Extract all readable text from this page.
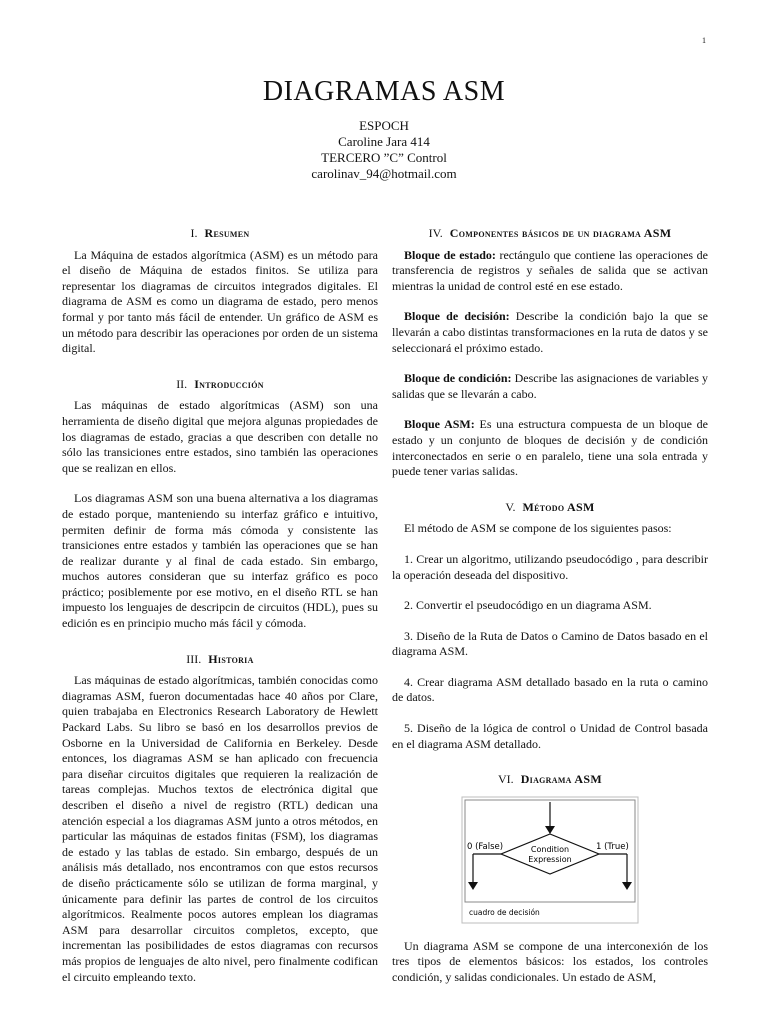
1
DIAGRAMAS ASM
ESPOCH
Caroline Jara 414
TERCERO ”C” Control
carolinav_94@hotmail.com
I. Resumen

La Máquina de estados algorítmica (ASM) es un método para el diseño de Máquina de estados finitos. Se utiliza para representar los diagramas de circuitos integrados digitales. El diagrama de ASM es como un diagrama de estado, pero menos formal y por tanto más fácil de entender. Un gráfico de ASM es un método para describir las operaciones por orden de un sistema digital.

II. Introducción

Las máquinas de estado algorítmicas (ASM) son una herramienta de diseño digital que mejora algunas propiedades de los diagramas de estado, gracias a que describen con detalle no sólo las transiciones entre estados, sino también las operaciones que se realizan en ellos.

Los diagramas ASM son una buena alternativa a los diagramas de estado porque, manteniendo su interfaz gráfico e intuitivo, permiten definir de forma más cómoda y consistente las transiciones entre estados y también las operaciones que se han de realizar durante y al final de cada estado. Sin embargo, muchos autores consideran que su interfaz gráfico es poco práctico; posiblemente por ese motivo, en el diseño RTL se han impuesto los lenguajes de descripcin de circuitos (HDL), pues su edición es en principio mucho más fácil y cómoda.

III. Historia

Las máquinas de estado algorítmicas, también conocidas como diagramas ASM, fueron documentadas hace 40 años por Clare, quien trabajaba en Electronics Research Laboratory de Hewlett Packard Labs. Su libro se basó en los desarrollos previos de Osborne en la Universidad de California en Berkeley. Desde entonces, los diagramas ASM se han aplicado con frecuencia para diseñar circuitos digitales que requieren la realización de tareas complejas. Muchos textos de electrónica digital que describen el diseño a nivel de registro (RTL) dedican una atención especial a los diagramas ASM junto a otros métodos, en particular las máquinas de estados finitas (FSM), los diagramas de estado y las tablas de estado. Sin embargo, después de un análisis más detallado, nos encontramos con que estos recursos de diseño prácticamente sólo se utilizan de forma marginal, y únicamente para definir las partes de control de los circuitos algorítmicos. Realmente pocos autores emplean los diagramas ASM para desarrollar circuitos completos, excepto, que incrementan las posibilidades de estos diagramas con recursos más propios de lenguajes de alto nivel, pero finalmente codifican el circuito empleando texto.

IV. Componentes básicos de un diagrama ASM

Bloque de estado: rectángulo que contiene las operaciones de transferencia de registros y señales de salida que se activan mientras la unidad de control esté en ese estado.

Bloque de decisión: Describe la condición bajo la que se llevarán a cabo distintas transformaciones en la ruta de datos y se seleccionará el próximo estado.

Bloque de condición: Describe las asignaciones de variables y salidas que se llevarán a cabo.

Bloque ASM: Es una estructura compuesta de un bloque de estado y un conjunto de bloques de decisión y de condición interconectados en serie o en paralelo, tiene una sola entrada y puede tener varias salidas.

V. Método ASM

El método de ASM se compone de los siguientes pasos:

1. Crear un algoritmo, utilizando pseudocódigo , para describir la operación deseada del dispositivo.

2. Convertir el pseudocódigo en un diagrama ASM.

3. Diseño de la Ruta de Datos o Camino de Datos basado en el diagrama ASM.

4. Crear diagrama ASM detallado basado en la ruta o camino de datos.

5. Diseño de la lógica de control o Unidad de Control basada en el diagrama ASM detallado.

VI. Diagrama ASM
Condition
Expression
0 (False)	1 (True)
cuadro de decisión

Un diagrama ASM se compone de una interconexión de los tres tipos de elementos básicos: los estados, los controles condición, y salidas condicionales. Un estado de ASM,
